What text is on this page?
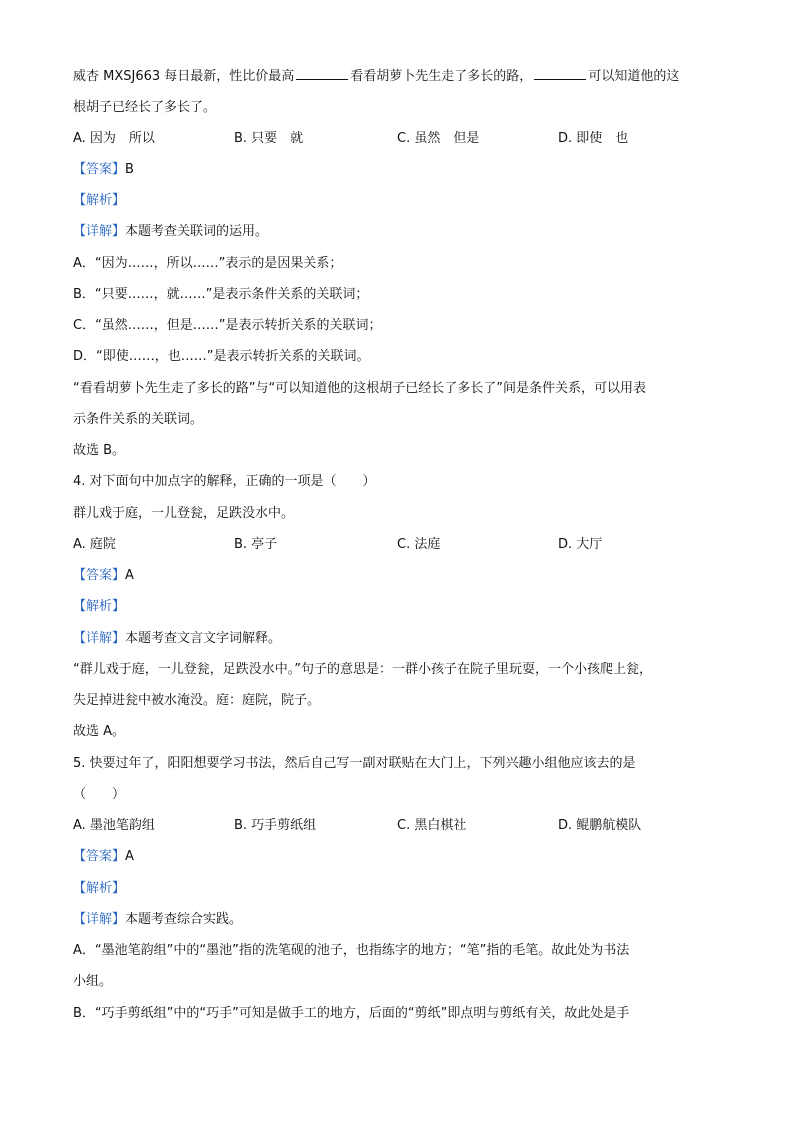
威杏 MXSJ663 每日最新，性比价最高	看看胡萝卜先生走了多长的路，	可以知道他的这
根胡子已经长了多长了。
A. 因为　所以	B. 只要　就	C. 虽然　但是	D. 即使　也
【答案】B
【解析】
【详解】本题考查关联词的运用。
A．“因为……，所以……”表示的是因果关系；
B．“只要……，就……”是表示条件关系的关联词；
C．“虽然……，但是……”是表示转折关系的关联词；
D．“即使……，也……”是表示转折关系的关联词。
“看看胡萝卜先生走了多长的路”与“可以知道他的这根胡子已经长了多长了”间是条件关系，可以用表
示条件关系的关联词。
故选 B。
4. 对下面句中加点字的解释，正确的一项是（　　）
群儿戏于庭，一儿登瓮，足跌没水中。
A. 庭院	B. 亭子	C. 法庭	D. 大厅
【答案】A
【解析】
【详解】本题考查文言文字词解释。
“群儿戏于庭，一儿登瓮，足跌没水中。”句子的意思是：一群小孩子在院子里玩耍，一个小孩爬上瓮，
失足掉进瓮中被水淹没。庭：庭院，院子。
故选 A。
5. 快要过年了，阳阳想要学习书法，然后自己写一副对联贴在大门上，下列兴趣小组他应该去的是
（　　）
A. 墨池笔韵组	B. 巧手剪纸组	C. 黑白棋社	D. 鲲鹏航模队
【答案】A
【解析】
【详解】本题考查综合实践。
A．“墨池笔韵组”中的“墨池”指的洗笔砚的池子，也指练字的地方；“笔”指的毛笔。故此处为书法
小组。
B．“巧手剪纸组”中的“巧手”可知是做手工的地方，后面的“剪纸”即点明与剪纸有关，故此处是手
